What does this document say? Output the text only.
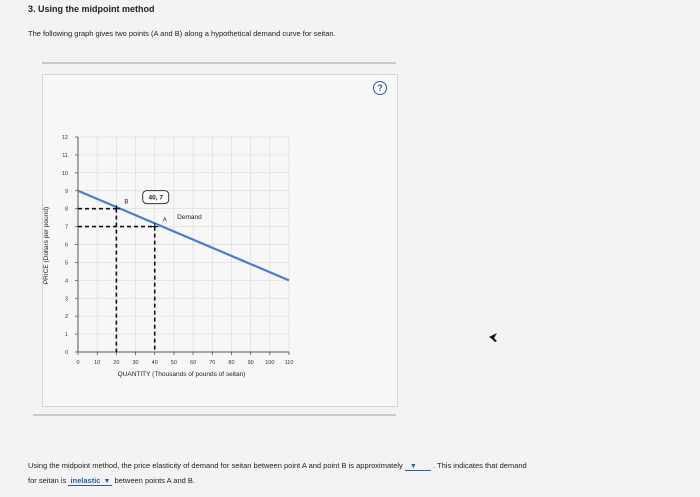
3. Using the midpoint method
The following graph gives two points (A and B) along a hypothetical demand curve for seitan.
?
0	10 20 30 40 50 60 70 80 90 100 110
0
1
2
3
4
5
6
7
8
9
10
11
12
QUANTITY (Thousands of pounds of seitan)
PRICE (Dollars per pound)	Demand
B
A
40, 7
Using the midpoint method, the price elasticity of demand for seitan between point A and point B is approximately ▼ . This indicates that demand
for seitan is inelastic ▼ between points A and B.
